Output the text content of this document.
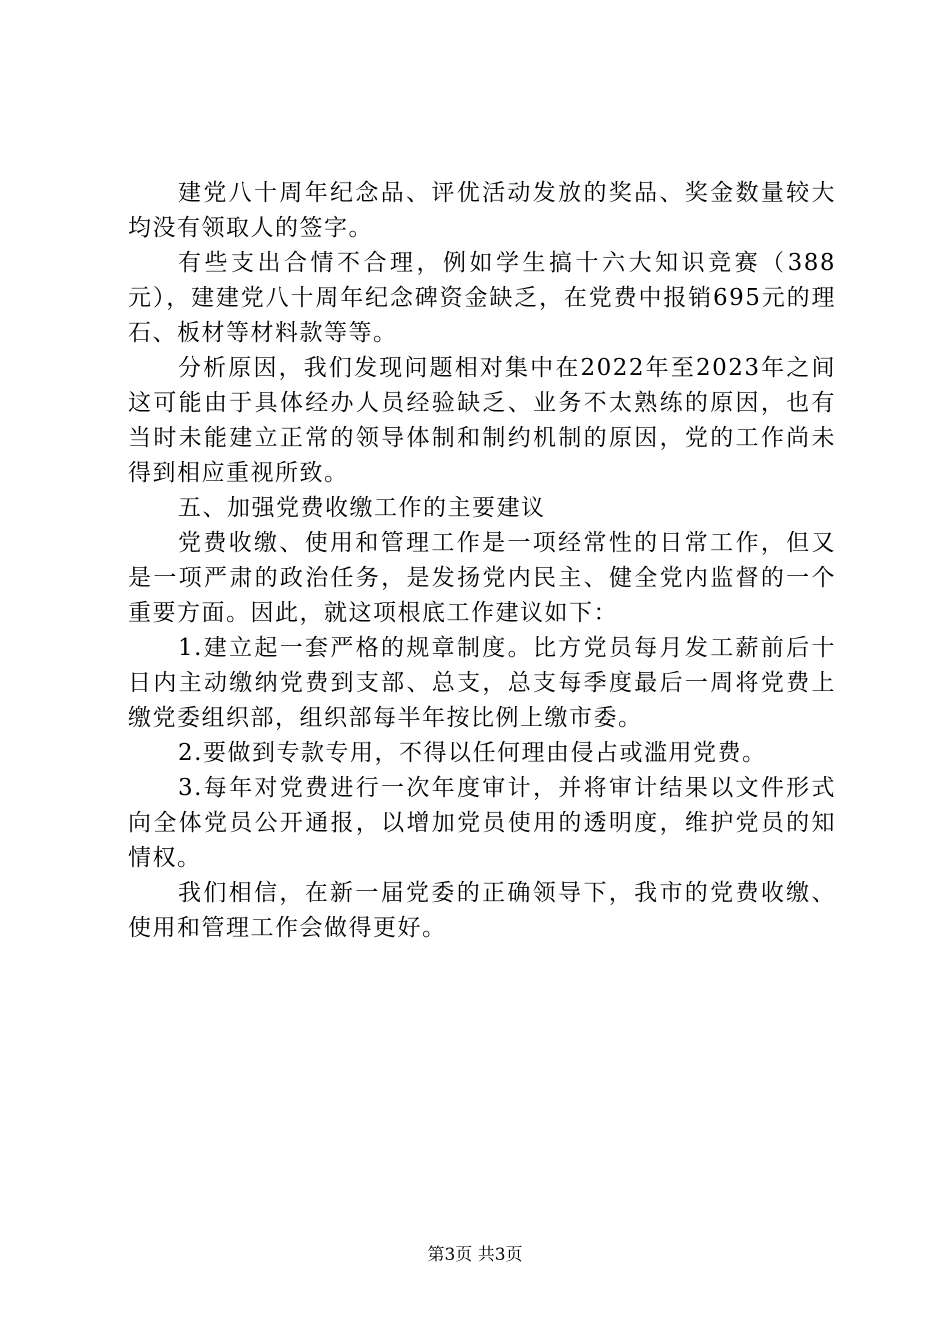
建党八十周年纪念品、评优活动发放的奖品、奖金数量较大均没有领取人的签字。

有些支出合情不合理，例如学生搞十六大知识竞赛（388元），建建党八十周年纪念碑资金缺乏，在党费中报销695元的理石、板材等材料款等等。

分析原因，我们发现问题相对集中在2022年至2023年之间这可能由于具体经办人员经验缺乏、业务不太熟练的原因，也有当时未能建立正常的领导体制和制约机制的原因，党的工作尚未得到相应重视所致。

五、加强党费收缴工作的主要建议

党费收缴、使用和管理工作是一项经常性的日常工作，但又是一项严肃的政治任务，是发扬党内民主、健全党内监督的一个重要方面。因此，就这项根底工作建议如下：

1.建立起一套严格的规章制度。比方党员每月发工薪前后十日内主动缴纳党费到支部、总支，总支每季度最后一周将党费上缴党委组织部，组织部每半年按比例上缴市委。

2.要做到专款专用，不得以任何理由侵占或滥用党费。

3.每年对党费进行一次年度审计，并将审计结果以文件形式向全体党员公开通报，以增加党员使用的透明度，维护党员的知情权。

我们相信，在新一届党委的正确领导下，我市的党费收缴、使用和管理工作会做得更好。

第3页 共3页
